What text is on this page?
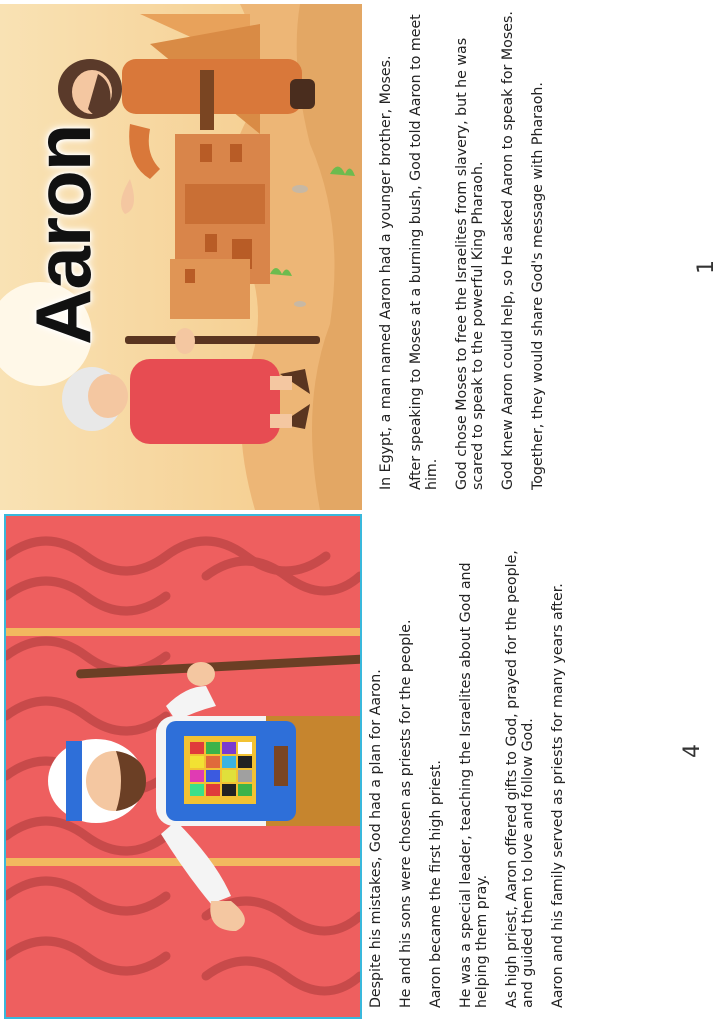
Aaron	In Egypt, a man named Aaron had a younger brother, Moses. After speaking to Moses at a burning bush, God told Aaron to meet him. God chose Moses to free the Israelites from slavery, but he was scared to speak to the powerful King Pharaoh. God knew Aaron could help, so He asked Aaron to speak for Moses. Together, they would share God's message with Pharaoh.	1

Despite his mistakes, God had a plan for Aaron. He and his sons were chosen as priests for the people. Aaron became the first high priest. He was a special leader, teaching the Israelites about God and helping them pray. As high priest, Aaron offered gifts to God, prayed for the people, and guided them to love and follow God. Aaron and his family served as priests for many years after.	4
